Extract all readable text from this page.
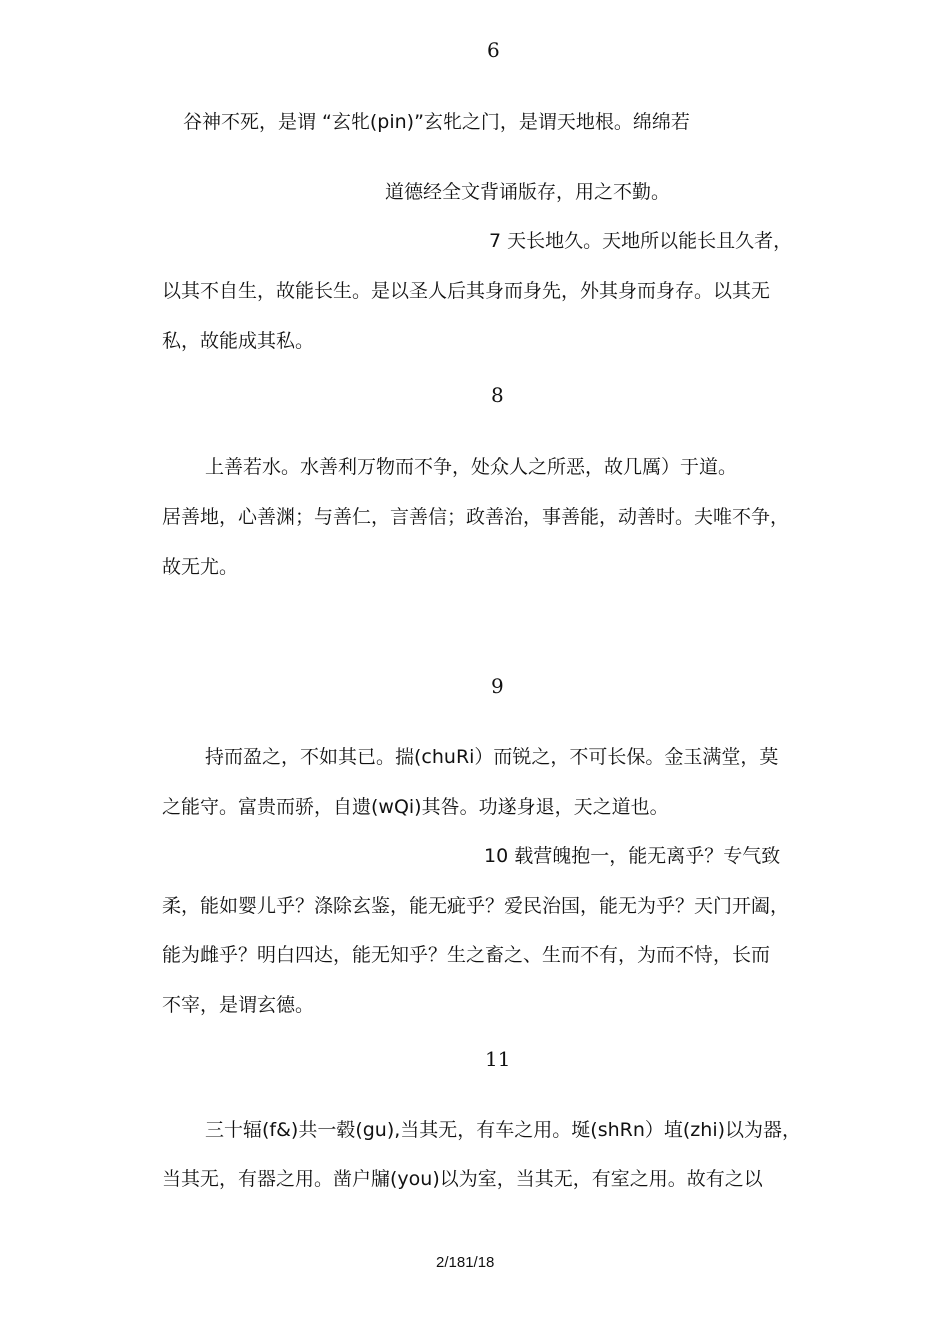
6
谷神不死，是谓 “玄牝(pin)”玄牝之门，是谓天地根。绵绵若
道德经全文背诵版存，用之不勤。
7 天长地久。天地所以能长且久者，
以其不自生，故能长生。是以圣人后其身而身先，外其身而身存。以其无
私，故能成其私。
8
上善若水。水善利万物而不争，处众人之所恶，故几厲）于道。
居善地，心善渊；与善仁，言善信；政善治，事善能，动善时。夫唯不争，
故无尤。
9
持而盈之，不如其已。揣(chuRi）而锐之，不可长保。金玉满堂，莫
之能守。富贵而骄，自遗(wQi)其咎。功遂身退，天之道也。
10 载营魄抱一，能无离乎？专气致
柔，能如婴儿乎？涤除玄鉴，能无疵乎？爱民治国，能无为乎？天门开阖，
能为雌乎？明白四达，能无知乎？生之畜之、生而不有，为而不恃，长而
不宰，是谓玄德。
11
三十辐(f&)共一毂(gu),当其无，有车之用。埏(shRn）埴(zhi)以为器，
当其无，有器之用。凿户牖(you)以为室，当其无，有室之用。故有之以
2/181/18
